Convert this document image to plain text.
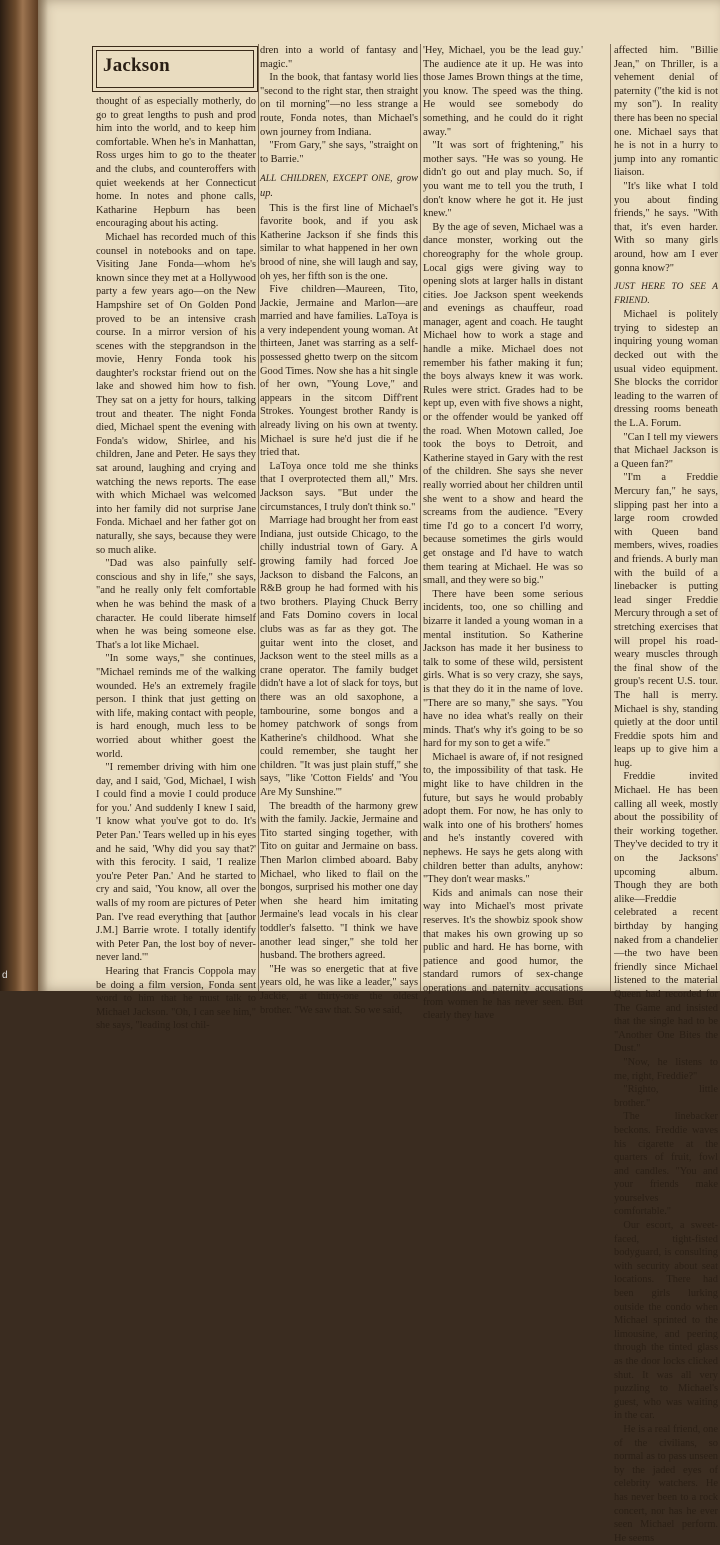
Jackson

thought of as especially motherly, do go to great lengths to push and prod him into the world, and to keep him comfortable. When he's in Manhattan, Ross urges him to go to the theater and the clubs, and counteroffers with quiet weekends at her Connecticut home. In notes and phone calls, Katharine Hepburn has been encouraging about his acting.

Michael has recorded much of this counsel in notebooks and on tape. Visiting Jane Fonda—whom he's known since they met at a Hollywood party a few years ago—on the New Hampshire set of On Golden Pond proved to be an intensive crash course. In a mirror version of his scenes with the stepgrandson in the movie, Henry Fonda took his daughter's rockstar friend out on the lake and showed him how to fish. They sat on a jetty for hours, talking trout and theater. The night Fonda died, Michael spent the evening with Fonda's widow, Shirlee, and his children, Jane and Peter. He says they sat around, laughing and crying and watching the news reports. The ease with which Michael was welcomed into her family did not surprise Jane Fonda. Michael and her father got on naturally, she says, because they were so much alike.

"Dad was also painfully self-conscious and shy in life," she says, "and he really only felt comfortable when he was behind the mask of a character. He could liberate himself when he was being someone else. That's a lot like Michael.

"In some ways," she continues, "Michael reminds me of the walking wounded. He's an extremely fragile person. I think that just getting on with life, making contact with people, is hard enough, much less to be worried about whither goest the world.

"I remember driving with him one day, and I said, 'God, Michael, I wish I could find a movie I could produce for you.' And suddenly I knew I said, 'I know what you've got to do. It's Peter Pan.' Tears welled up in his eyes and he said, 'Why did you say that?' with this ferocity. I said, 'I realize you're Peter Pan.' And he started to cry and said, 'You know, all over the walls of my room are pictures of Peter Pan. I've read everything that [author J.M.] Barrie wrote. I totally identify with Peter Pan, the lost boy of never-never land.'"

Hearing that Francis Coppola may be doing a film version, Fonda sent word to him that he must talk to Michael Jackson. "Oh, I can see him," she says, "leading lost chil-

dren into a world of fantasy and magic."

In the book, that fantasy world lies "second to the right star, then straight on til morning"—no less strange a route, Fonda notes, than Michael's own journey from Indiana.

"From Gary," she says, "straight on to Barrie."

ALL CHILDREN, EXCEPT ONE, grow up.

This is the first line of Michael's favorite book, and if you ask Katherine Jackson if she finds this similar to what happened in her own brood of nine, she will laugh and say, oh yes, her fifth son is the one.

Five children—Maureen, Tito, Jackie, Jermaine and Marlon—are married and have families. LaToya is a very independent young woman. At thirteen, Janet was starring as a self-possessed ghetto twerp on the sitcom Good Times. Now she has a hit single of her own, "Young Love," and appears in the sitcom Diff'rent Strokes. Youngest brother Randy is already living on his own at twenty. Michael is sure he'd just die if he tried that.

LaToya once told me she thinks that I overprotected them all," Mrs. Jackson says. "But under the circumstances, I truly don't think so."

Marriage had brought her from east Indiana, just outside Chicago, to the chilly industrial town of Gary. A growing family had forced Joe Jackson to disband the Falcons, an R&B group he had formed with his two brothers. Playing Chuck Berry and Fats Domino covers in local clubs was as far as they got. The guitar went into the closet, and Jackson went to the steel mills as a crane operator. The family budget didn't have a lot of slack for toys, but there was an old saxophone, a tambourine, some bongos and a homey patchwork of songs from Katherine's childhood. What she could remember, she taught her children. "It was just plain stuff," she says, "like 'Cotton Fields' and 'You Are My Sunshine.'"

The breadth of the harmony grew with the family. Jackie, Jermaine and Tito started singing together, with Tito on guitar and Jermaine on bass. Then Marlon climbed aboard. Baby Michael, who liked to flail on the bongos, surprised his mother one day when she heard him imitating Jermaine's lead vocals in his clear toddler's falsetto. "I think we have another lead singer," she told her husband. The brothers agreed.

"He was so energetic that at five years old, he was like a leader," says Jackie, at thirty-one the oldest brother. "We saw that. So we said,

'Hey, Michael, you be the lead guy.' The audience ate it up. He was into those James Brown things at the time, you know. The speed was the thing. He would see somebody do something, and he could do it right away."

"It was sort of frightening," his mother says. "He was so young. He didn't go out and play much. So, if you want me to tell you the truth, I don't know where he got it. He just knew."

By the age of seven, Michael was a dance monster, working out the choreography for the whole group. Local gigs were giving way to opening slots at larger halls in distant cities. Joe Jackson spent weekends and evenings as chauffeur, road manager, agent and coach. He taught Michael how to work a stage and handle a mike. Michael does not remember his father making it fun; the boys always knew it was work. Rules were strict. Grades had to be kept up, even with five shows a night, or the offender would be yanked off the road. When Motown called, Joe took the boys to Detroit, and Katherine stayed in Gary with the rest of the children. She says she never really worried about her children until she went to a show and heard the screams from the audience. "Every time I'd go to a concert I'd worry, because sometimes the girls would get onstage and I'd have to watch them tearing at Michael. He was so small, and they were so big."

There have been some serious incidents, too, one so chilling and bizarre it landed a young woman in a mental institution. So Katherine Jackson has made it her business to talk to some of these wild, persistent girls. What is so very crazy, she says, is that they do it in the name of love. "There are so many," she says. "You have no idea what's really on their minds. That's why it's going to be so hard for my son to get a wife."

Michael is aware of, if not resigned to, the impossibility of that task. He might like to have children in the future, but says he would probably adopt them. For now, he has only to walk into one of his brothers' homes and he's instantly covered with nephews. He says he gets along with children better than adults, anyhow: "They don't wear masks."

Kids and animals can nose their way into Michael's most private reserves. It's the showbiz spook show that makes his own growing up so public and hard. He has borne, with patience and good humor, the standard rumors of sex-change operations and paternity accusations from women he has never seen. But clearly they have

affected him. "Billie Jean," on Thriller, is a vehement denial of paternity ("the kid is not my son"). In reality there has been no special one. Michael says that he is not in a hurry to jump into any romantic liaison.

"It's like what I told you about finding friends," he says. "With that, it's even harder. With so many girls around, how am I ever gonna know?"

JUST HERE TO SEE A FRIEND.

Michael is politely trying to sidestep an inquiring young woman decked out with the usual video equipment. She blocks the corridor leading to the warren of dressing rooms beneath the L.A. Forum.

"Can I tell my viewers that Michael Jackson is a Queen fan?"

"I'm a Freddie Mercury fan," he says, slipping past her into a large room crowded with Queen band members, wives, roadies and friends. A burly man with the build of a linebacker is putting lead singer Freddie Mercury through a set of stretching exercises that will propel his road-weary muscles through the final show of the group's recent U.S. tour. The hall is merry. Michael is shy, standing quietly at the door until Freddie spots him and leaps up to give him a hug.

Freddie invited Michael. He has been calling all week, mostly about the possibility of their working together. They've decided to try it on the Jacksons' upcoming album. Though they are both alike—Freddie celebrated a recent birthday by hanging naked from a chandelier—the two have been friendly since Michael listened to the material Queen had recorded for The Game and insisted that the single had to be "Another One Bites the Dust."

"Now, he listens to me, right, Freddie?"

"Righto, little brother."

The linebacker beckons. Freddie waves his cigarette at the quarters of fruit, fowl and candles. "You and your friends make yourselves comfortable."

Our escort, a sweet-faced, tight-fisted bodyguard, is consulting with security about seat locations. There had been girls lurking outside the condo when Michael sprinted to the limousine, and peering through the tinted glass as the door locks clicked shut. It was all very puzzling to Michael's guest, who was waiting in the car.

He is a real friend, one of the civilians, so normal as to pass unseen by the jaded eyes of celebrity watchers. He has never been to a rock concert, nor has he ever seen Michael perform. He seems

d
